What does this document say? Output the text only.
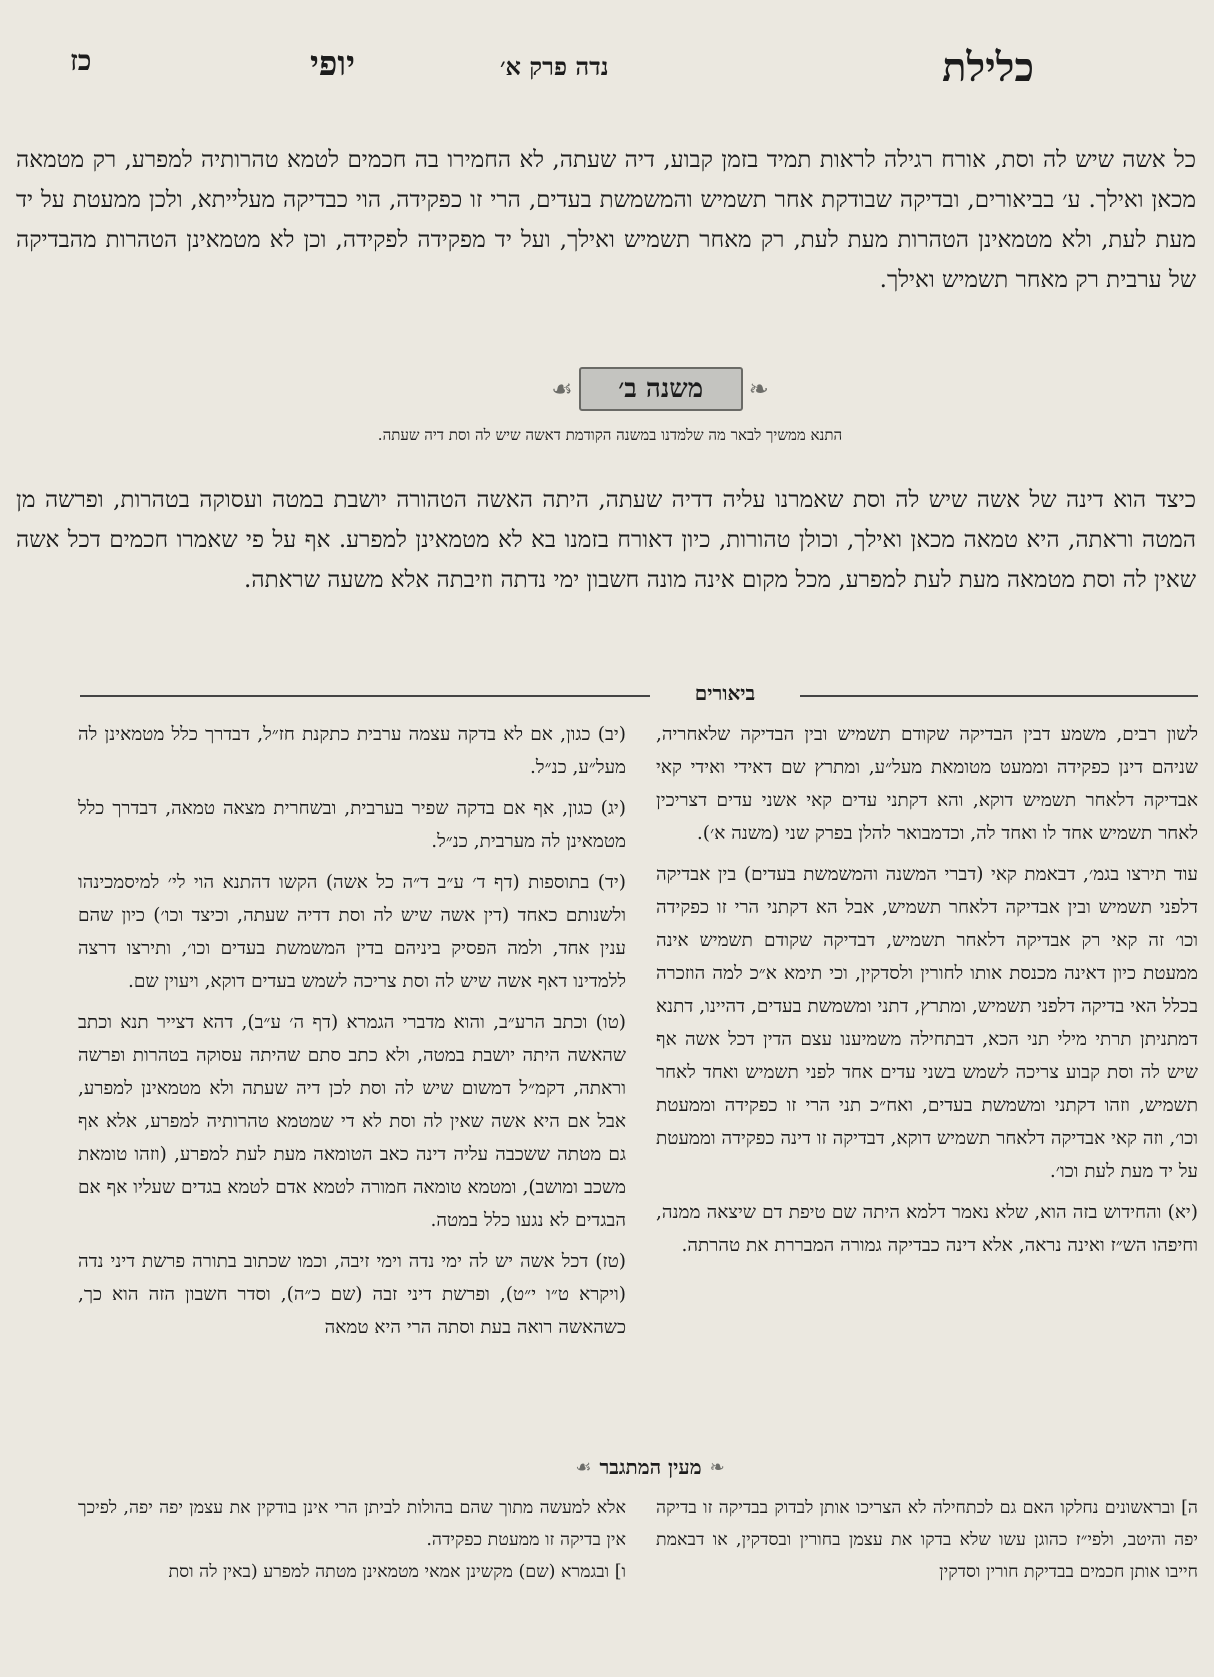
כלילת
נדה פרק א׳
יופי
כז
כל אשה שיש לה וסת, אורח רגילה לראות תמיד בזמן קבוע, דיה שעתה, לא החמירו בה חכמים לטמא טהרותיה למפרע, רק מטמאה מכאן ואילך. ע׳ בביאורים, ובדיקה שבודקת אחר תשמיש והמשמשת בעדים, הרי זו כפקידה, הוי כבדיקה מעלייתא, ולכן ממעטת על יד מעת לעת, ולא מטמאינן הטהרות מעת לעת, רק מאחר תשמיש ואילך, ועל יד מפקידה לפקידה, וכן לא מטמאינן הטהרות מהבדיקה של ערבית רק מאחר תשמיש ואילך.
❧
משנה ב׳
☙
התנא ממשיך לבאר מה שלמדנו במשנה הקודמת דאשה שיש לה וסת דיה שעתה.
כיצד הוא דינה של אשה שיש לה וסת שאמרנו עליה דדיה שעתה, היתה האשה הטהורה יושבת במטה ועסוקה בטהרות, ופרשה מן המטה וראתה, היא טמאה מכאן ואילך, וכולן טהורות, כיון דאורח בזמנו בא לא מטמאינן למפרע. אף על פי שאמרו חכמים דכל אשה שאין לה וסת מטמאה מעת לעת למפרע, מכל מקום אינה מונה חשבון ימי נדתה וזיבתה אלא משעה שראתה.
ביאורים

לשון רבים, משמע דבין הבדיקה שקודם תשמיש ובין הבדיקה שלאחריה, שניהם דינן כפקידה וממעט מטומאת מעל״ע, ומתרץ שם דאידי ואידי קאי אבדיקה דלאחר תשמיש דוקא, והא דקתני עדים קאי אשני עדים דצריכין לאחר תשמיש אחד לו ואחד לה, וכדמבואר להלן בפרק שני (משנה א׳).

עוד תירצו בגמ׳, דבאמת קאי (דברי המשנה והמשמשת בעדים) בין אבדיקה דלפני תשמיש ובין אבדיקה דלאחר תשמיש, אבל הא דקתני הרי זו כפקידה וכו׳ זה קאי רק אבדיקה דלאחר תשמיש, דבדיקה שקודם תשמיש אינה ממעטת כיון דאינה מכנסת אותו לחורין ולסדקין, וכי תימא א״כ למה הוזכרה בכלל האי בדיקה דלפני תשמיש, ומתרץ, דתני ומשמשת בעדים, דהיינו, דתנא דמתניתן תרתי מילי תני הכא, דבתחילה משמיענו עצם הדין דכל אשה אף שיש לה וסת קבוע צריכה לשמש בשני עדים אחד לפני תשמיש ואחד לאחר תשמיש, וזהו דקתני ומשמשת בעדים, ואח״כ תני הרי זו כפקידה וממעטת וכו׳, וזה קאי אבדיקה דלאחר תשמיש דוקא, דבדיקה זו דינה כפקידה וממעטת על יד מעת לעת וכו׳.

(יא) והחידוש בזה הוא, שלא נאמר דלמא היתה שם טיפת דם שיצאה ממנה, וחיפהו הש״ז ואינה נראה, אלא דינה כבדיקה גמורה המבררת את טהרתה.

(יב) כגון, אם לא בדקה עצמה ערבית כתקנת חז״ל, דבדרך כלל מטמאינן לה מעל״ע, כנ״ל.

(יג) כגון, אף אם בדקה שפיר בערבית, ובשחרית מצאה טמאה, דבדרך כלל מטמאינן לה מערבית, כנ״ל.

(יד) בתוספות (דף ד׳ ע״ב ד״ה כל אשה) הקשו דהתנא הוי לי׳ למיסמכינהו ולשנותם כאחד (דין אשה שיש לה וסת דדיה שעתה, וכיצד וכו׳) כיון שהם ענין אחד, ולמה הפסיק ביניהם בדין המשמשת בעדים וכו׳, ותירצו דרצה ללמדינו דאף אשה שיש לה וסת צריכה לשמש בעדים דוקא, ויעוין שם.

(טו) וכתב הרע״ב, והוא מדברי הגמרא (דף ה׳ ע״ב), דהא דצייר תנא וכתב שהאשה היתה יושבת במטה, ולא כתב סתם שהיתה עסוקה בטהרות ופרשה וראתה, דקמ״ל דמשום שיש לה וסת לכן דיה שעתה ולא מטמאינן למפרע, אבל אם היא אשה שאין לה וסת לא די שמטמא טהרותיה למפרע, אלא אף גם מטתה ששכבה עליה דינה כאב הטומאה מעת לעת למפרע, (וזהו טומאת משכב ומושב), ומטמא טומאה חמורה לטמא אדם לטמא בגדים שעליו אף אם הבגדים לא נגעו כלל במטה.

(טז) דכל אשה יש לה ימי נדה וימי זיבה, וכמו שכתוב בתורה פרשת דיני נדה (ויקרא ט״ו י״ט), ופרשת דיני זבה (שם כ״ה), וסדר חשבון הזה הוא כך, כשהאשה רואה בעת וסתה הרי היא טמאה

❧
מעין המתגבר
☙

ה] ובראשונים נחלקו האם גם לכתחילה לא הצריכו אותן לבדוק בבדיקה זו בדיקה יפה והיטב, ולפי״ז כהוגן עשו שלא בדקו את עצמן בחורין ובסדקין, או דבאמת חייבו אותן חכמים בבדיקת חורין וסדקין

אלא למעשה מתוך שהם בהולות לביתן הרי אינן בודקין את עצמן יפה יפה, לפיכך אין בדיקה זו ממעטת כפקידה.

ו] ובגמרא (שם) מקשינן אמאי מטמאינן מטתה למפרע (באין לה וסת
